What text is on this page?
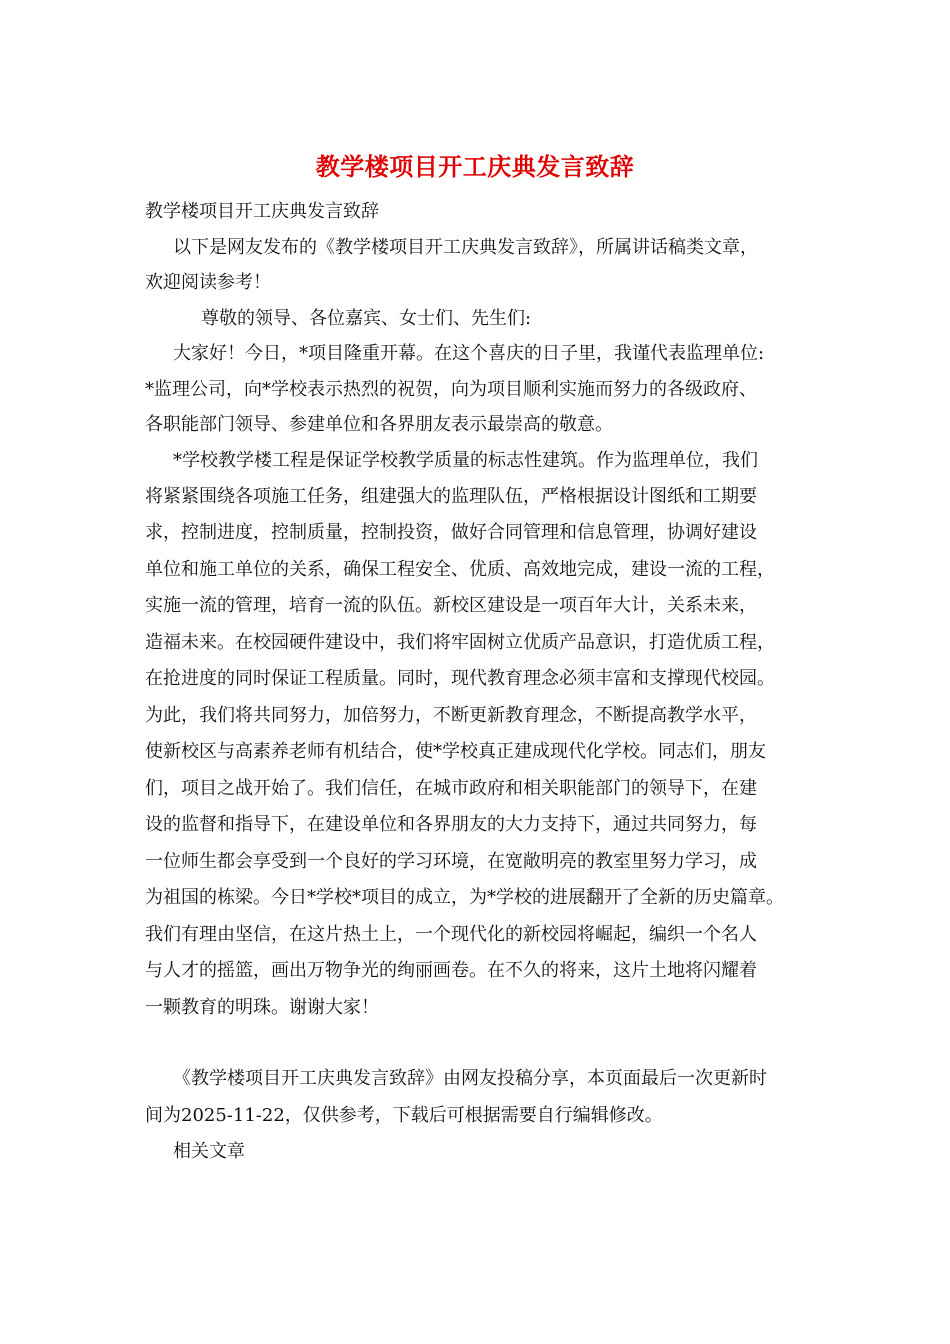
教学楼项目开工庆典发言致辞
教学楼项目开工庆典发言致辞
以下是网友发布的《教学楼项目开工庆典发言致辞》，所属讲话稿类文章，
欢迎阅读参考！
尊敬的领导、各位嘉宾、女士们、先生们:
大家好！今日，*项目隆重开幕。在这个喜庆的日子里，我谨代表监理单位:
*监理公司，向*学校表示热烈的祝贺，向为项目顺利实施而努力的各级政府、
各职能部门领导、参建单位和各界朋友表示最崇高的敬意。
*学校教学楼工程是保证学校教学质量的标志性建筑。作为监理单位，我们
将紧紧围绕各项施工任务，组建强大的监理队伍，严格根据设计图纸和工期要
求，控制进度，控制质量，控制投资，做好合同管理和信息管理，协调好建设
单位和施工单位的关系，确保工程安全、优质、高效地完成，建设一流的工程，
实施一流的管理，培育一流的队伍。新校区建设是一项百年大计，关系未来，
造福未来。在校园硬件建设中，我们将牢固树立优质产品意识，打造优质工程，
在抢进度的同时保证工程质量。同时，现代教育理念必须丰富和支撑现代校园。
为此，我们将共同努力，加倍努力，不断更新教育理念，不断提高教学水平，
使新校区与高素养老师有机结合，使*学校真正建成现代化学校。同志们，朋友
们，项目之战开始了。我们信任，在城市政府和相关职能部门的领导下，在建
设的监督和指导下，在建设单位和各界朋友的大力支持下，通过共同努力，每
一位师生都会享受到一个良好的学习环境，在宽敞明亮的教室里努力学习，成
为祖国的栋梁。今日*学校*项目的成立，为*学校的进展翻开了全新的历史篇章。
我们有理由坚信，在这片热土上，一个现代化的新校园将崛起，编织一个名人
与人才的摇篮，画出万物争光的绚丽画卷。在不久的将来，这片土地将闪耀着
一颗教育的明珠。谢谢大家！
《教学楼项目开工庆典发言致辞》由网友投稿分享，本页面最后一次更新时
间为2025-11-22，仅供参考，下载后可根据需要自行编辑修改。
相关文章
